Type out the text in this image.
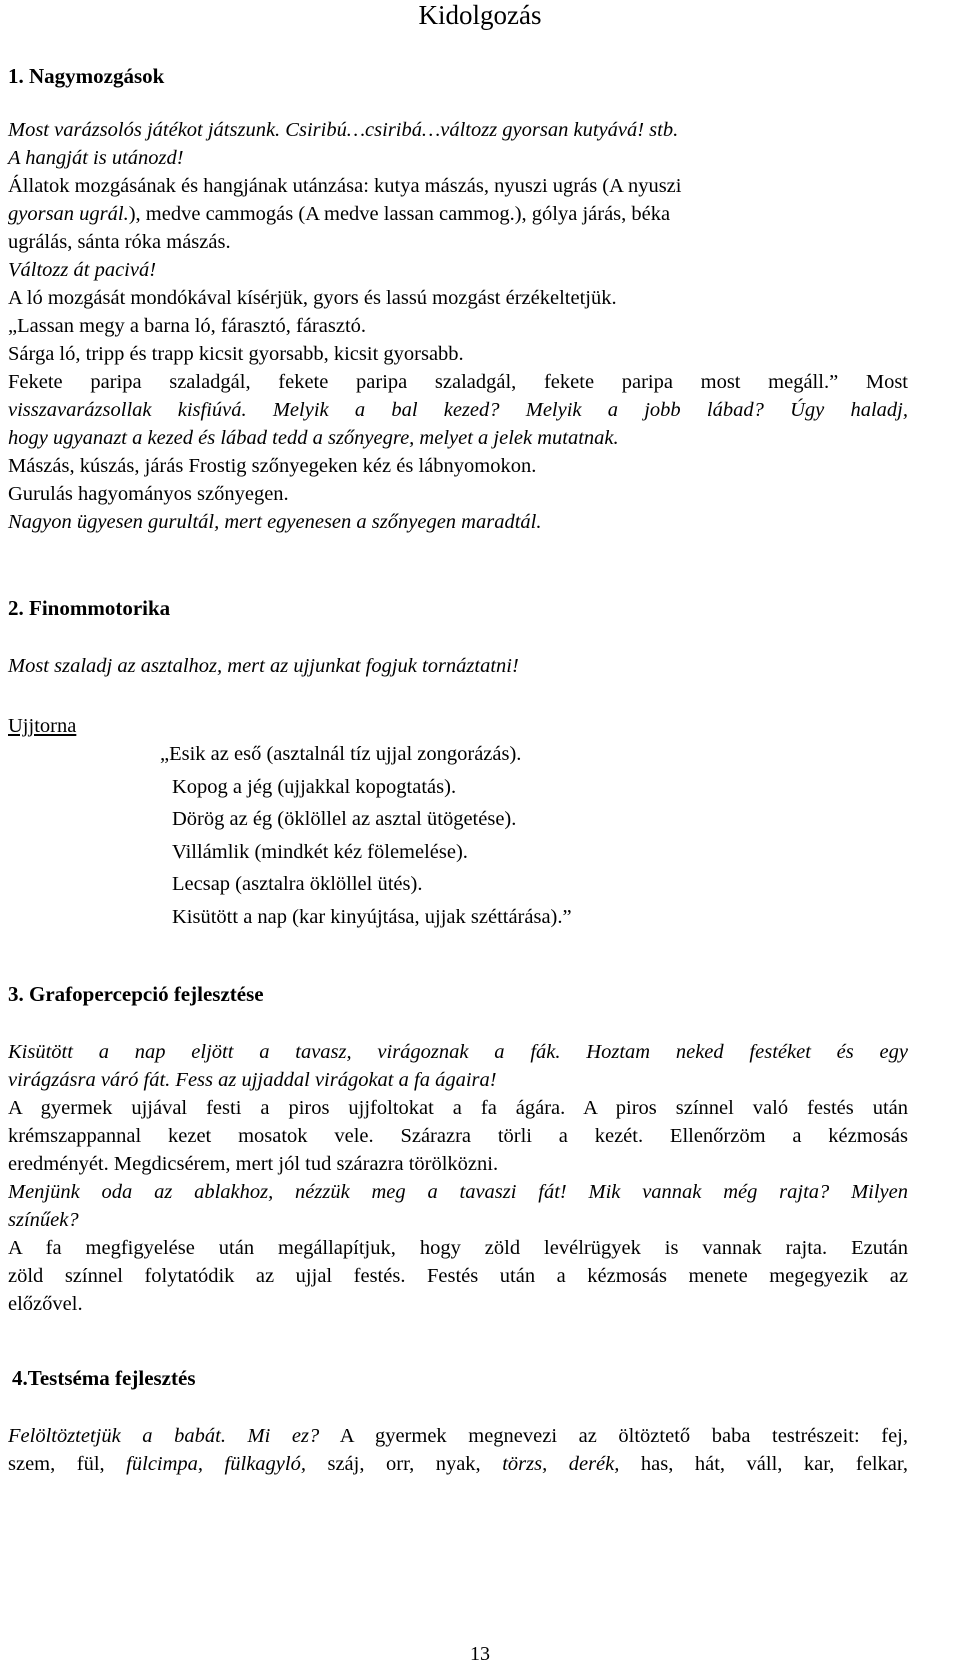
Kidolgozás
1. Nagymozgások
Most varázsolós játékot játszunk. Csiribú…csiribá…változz gyorsan kutyává! stb.
A hangját is utánozd!
Állatok mozgásának és hangjának utánzása: kutya mászás, nyuszi ugrás (A nyuszi
gyorsan ugrál.), medve cammogás (A medve lassan cammog.), gólya járás, béka
ugrálás, sánta róka mászás.
Változz át pacivá!
A ló mozgását mondókával kísérjük, gyors és lassú mozgást érzékeltetjük.
„Lassan megy a barna ló, fárasztó, fárasztó.
Sárga ló, tripp és trapp kicsit gyorsabb, kicsit gyorsabb.
Fekete paripa szaladgál, fekete paripa szaladgál, fekete paripa most megáll.” Most
visszavarázsollak kisfiúvá. Melyik a bal kezed? Melyik a jobb lábad? Úgy haladj,
hogy ugyanazt a kezed és lábad tedd a szőnyegre, melyet a jelek mutatnak.
Mászás, kúszás, járás Frostig szőnyegeken kéz és lábnyomokon.
Gurulás hagyományos szőnyegen.
Nagyon ügyesen gurultál, mert egyenesen a szőnyegen maradtál.
2. Finommotorika
Most szaladj az asztalhoz, mert az ujjunkat fogjuk tornáztatni!
Ujjtorna
„Esik az eső (asztalnál tíz ujjal zongorázás).
Kopog a jég (ujjakkal kopogtatás).
Dörög az ég (öklöllel az asztal ütögetése).
Villámlik (mindkét kéz fölemelése).
Lecsap (asztalra öklöllel ütés).
Kisütött a nap (kar kinyújtása, ujjak széttárása).”
3. Grafopercepció fejlesztése
Kisütött a nap eljött a tavasz, virágoznak a fák. Hoztam neked festéket és egy
virágzásra váró fát. Fess az ujjaddal virágokat a fa ágaira!
A gyermek ujjával festi a piros ujjfoltokat a fa ágára. A piros színnel való festés után
krémszappannal kezet mosatok vele. Szárazra törli a kezét. Ellenőrzöm a kézmosás
eredményét. Megdicsérem, mert jól tud szárazra törölközni.
Menjünk oda az ablakhoz, nézzük meg a tavaszi fát! Mik vannak még rajta? Milyen
színűek?
A fa megfigyelése után megállapítjuk, hogy zöld levélrügyek is vannak rajta. Ezután
zöld színnel folytatódik az ujjal festés. Festés után a kézmosás menete megegyezik az
előzővel.
4.Testséma fejlesztés
Felöltöztetjük a babát. Mi ez? A gyermek megnevezi az öltöztető baba testrészeit: fej,
szem, fül, fülcimpa, fülkagyló, száj, orr, nyak, törzs, derék, has, hát, váll, kar, felkar,
13
